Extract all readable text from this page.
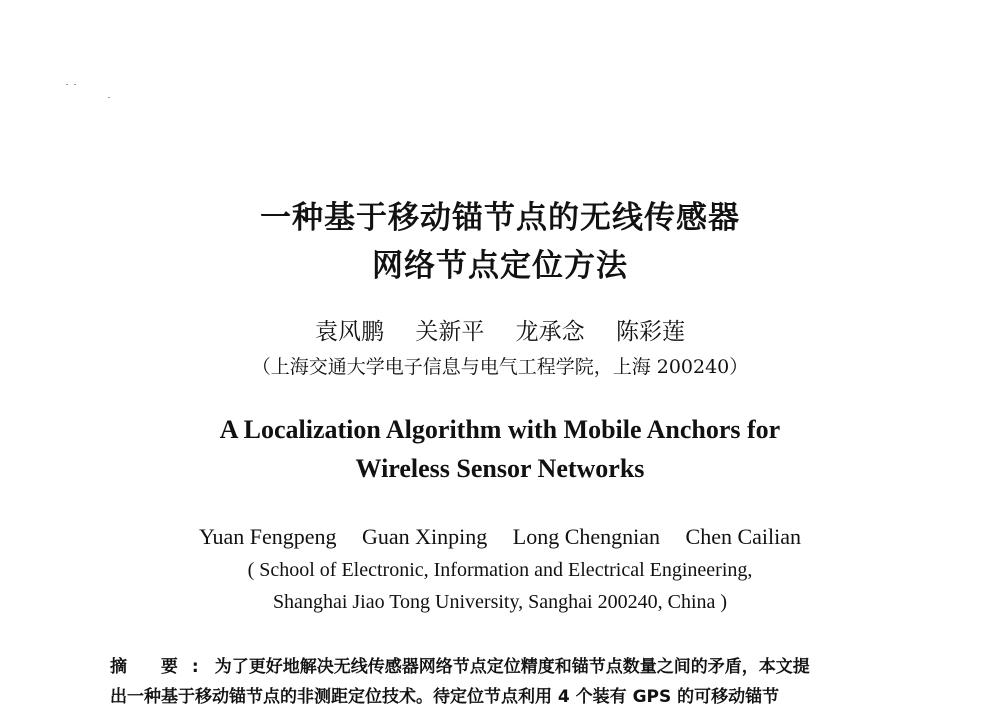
一种基于移动锚节点的无线传感器
网络节点定位方法
袁风鹏 关新平 龙承念 陈彩莲
（上海交通大学电子信息与电气工程学院，上海 200240）
A Localization Algorithm with Mobile Anchors for
Wireless Sensor Networks
Yuan Fengpeng Guan Xinping Long Chengnian Chen Cailian
( School of Electronic, Information and Electrical Engineering,
Shanghai Jiao Tong University, Sanghai 200240, China )
摘 要: 为了更好地解决无线传感器网络节点定位精度和锚节点数量之间的矛盾，本文提
出一种基于移动锚节点的非测距定位技术。待定位节点利用 4 个装有 GPS 的可移动锚节
